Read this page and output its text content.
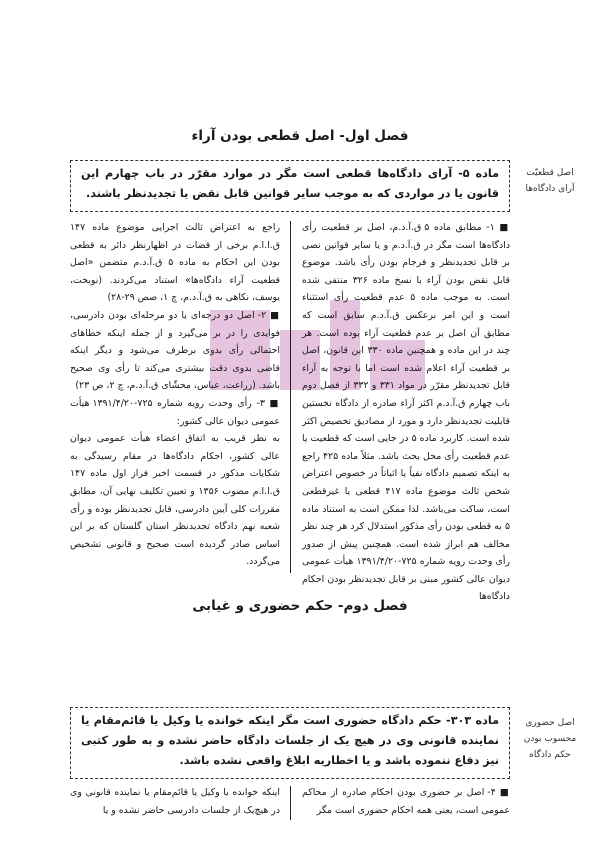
فصل اول- اصل قطعی بودن آراء
اصل قطعیّت آرای دادگاه‌ها
ماده ۵- آرای دادگاه‌ها قطعی است مگر در موارد مقرّر در باب چهارم این قانون یا در مواردی که به موجب سایر قوانین قابل نقض یا تجدیدنظر باشند.

■ ۱- مطابق ماده ۵ ق.آ.د.م، اصل بر قطعیت رأی دادگاه‌ها است مگر در ق.آ.د.م و یا سایر قوانین نصی بر قابل تجدیدنظر و فرجام بودن رأی باشد. موضوع قابل نقض بودن آراء با نسخ ماده ۳۲۶ منتفی شده است. به موجب ماده ۵ عدم قطعیت رأی استثناء است و این امر برعکس ق.آ.د.م سابق است که مطابق آن اصل بر عدم قطعیت آراء بوده است. هر چند در این ماده و همچنین ماده ۳۳۰ این قانون، اصل بر قطعیت آراء اعلام شده است اما با توجه به آراء قابل تجدیدنظر مقرّر در مواد ۳۳۱ و ۳۳۲ از فصل دوم باب چهارم ق.آ.د.م اکثر آراء صادره از دادگاه نخستین قابلیت تجدیدنظر دارد و مورد از مصادیق تخصیص اکثر شده است. کاربرد ماده ۵ در جایی است که قطعیت یا عدم قطعیت رأی محل بحث باشد. مثلاً ماده ۴۲۵ راجع به اینکه تصمیم دادگاه نفیاً یا اثباتاً در خصوص اعتراض شخص ثالث موضوع ماده ۴۱۷ قطعی یا غیرقطعی است، ساکت می‌باشد. لذا ممکن است به استناد ماده ۵ به قطعی بودن رأی مذکور استدلال کرد هر چند نظر مخالف هم ابراز شده است. همچنین پیش از صدور رأی وحدت رویه شماره ۷۲۵-۱۳۹۱/۴/۲۰ هیأت عمومی دیوان عالی کشور مبنی بر قابل تجدیدنظر بودن احکام دادگاه‌ها

راجع به اعتراض ثالث اجرایی موضوع ماده ۱۴۷ ق.ا.ا.م برخی از قضات در اظهارنظر دائر به قطعی بودن این احکام به ماده ۵ ق.آ.د.م متضمن «اصل قطعیت آراء دادگاه‌ها» استناد می‌کردند. (نوبخت، یوسف، نکاهی به ق.آ.د.م، چ ۱، صص ۲۹-۲۸)

■ ۲- اصل دو درجه‌ای یا دو مرحله‌ای بودن دادرسی، فوایدی را در بر می‌گیرد و از جمله اینکه خطاهای احتمالی رأی بدوی برطرف می‌شود و دیگر اینکه قاضی بدوی دقت بیشتری می‌کند تا رأی وی صحیح باشد. (زراعت، عباس، محشّای ق.آ.د.م، چ ۲، ص ۲۳)

■ ۳- رأی وحدت رویه شماره ۷۲۵-۱۳۹۱/۴/۲۰ هیأت عمومی دیوان عالی کشور:

به نظر قریب به اتفاق اعضاء هیأت عمومی دیوان عالی کشور، احکام دادگاه‌ها در مقام رسیدگی به شکایات مذکور در قسمت اخیر فراز اول ماده ۱۴۷ ق.ا.ا.م مصوب ۱۳۵۶ و تعیین تکلیف نهایی آن، مطابق مقررات کلی آیین دادرسی، قابل تجدیدنظر بوده و رأی شعبه نهم دادگاه تجدیدنظر استان گلستان که بر این اساس صادر گردیده است صحیح و قانونی تشخیص می‌گردد.

فصل دوم- حکم حضوری و غیابی
اصل حضوری محسوب بودن حکم دادگاه
ماده ۳۰۳- حکم دادگاه حضوری است مگر اینکه خوانده یا وکیل یا قائم‌مقام یا نماینده قانونی وی در هیچ یک از جلسات دادگاه حاضر نشده و به طور کتبی نیز دفاع ننموده باشد و یا اخطاریه ابلاغ واقعی نشده باشد.

■ ۴- اصل بر حضوری بودن احکام صادره از محاکم عمومی است، یعنی همه احکام حضوری است مگر

اینکه خوانده یا وکیل یا قائم‌مقام یا نماینده قانونی وی در هیچ‌یک از جلسات دادرسی حاضر نشده و یا
